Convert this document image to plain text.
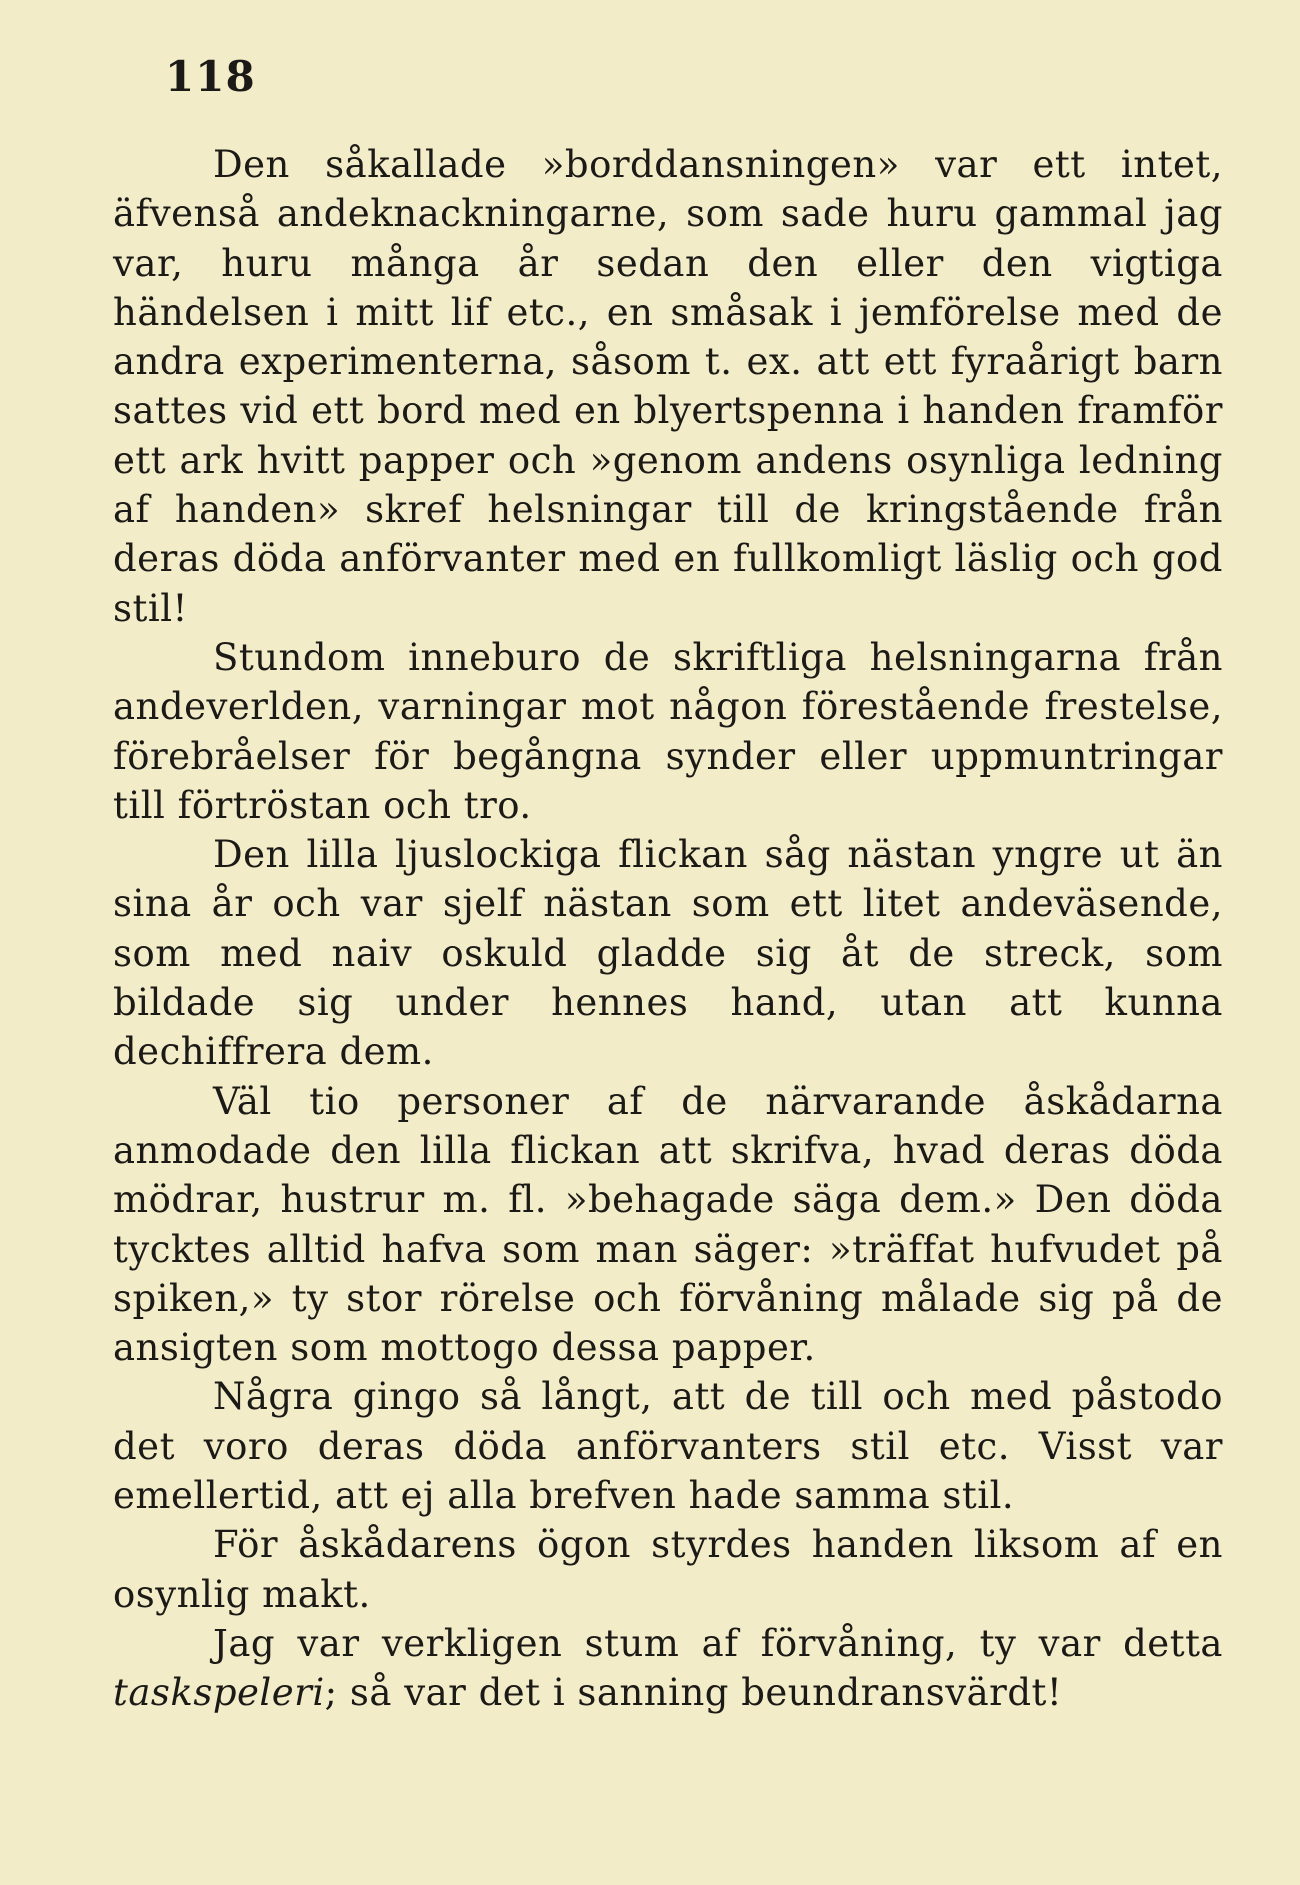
118

Den såkallade »borddansningen» var ett intet, äfvenså andeknackningarne, som sade huru gammal jag var, huru många år sedan den eller den vigtiga händelsen i mitt lif etc., en småsak i jemförelse med de andra experimenterna, såsom t. ex. att ett fyraårigt barn sattes vid ett bord med en blyertspenna i handen framför ett ark hvitt papper och »genom andens osynliga ledning af handen» skref helsningar till de kringstående från deras döda anförvanter med en fullkomligt läslig och god stil!

Stundom inneburo de skriftliga helsningarna från andeverlden, varningar mot någon förestående frestelse, förebråelser för begångna synder eller uppmuntringar till förtröstan och tro.

Den lilla ljuslockiga flickan såg nästan yngre ut än sina år och var sjelf nästan som ett litet andeväsende, som med naiv oskuld gladde sig åt de streck, som bildade sig under hennes hand, utan att kunna dechiffrera dem.

Väl tio personer af de närvarande åskådarna anmodade den lilla flickan att skrifva, hvad deras döda mödrar, hustrur m. fl. »behagade säga dem.» Den döda tycktes alltid hafva som man säger: »träffat hufvudet på spiken,» ty stor rörelse och förvåning målade sig på de ansigten som mottogo dessa papper.

Några gingo så långt, att de till och med påstodo det voro deras döda anförvanters stil etc. Visst var emellertid, att ej alla brefven hade samma stil.

För åskådarens ögon styrdes handen liksom af en osynlig makt.

Jag var verkligen stum af förvåning, ty var detta taskspeleri; så var det i sanning beundransvärdt!
